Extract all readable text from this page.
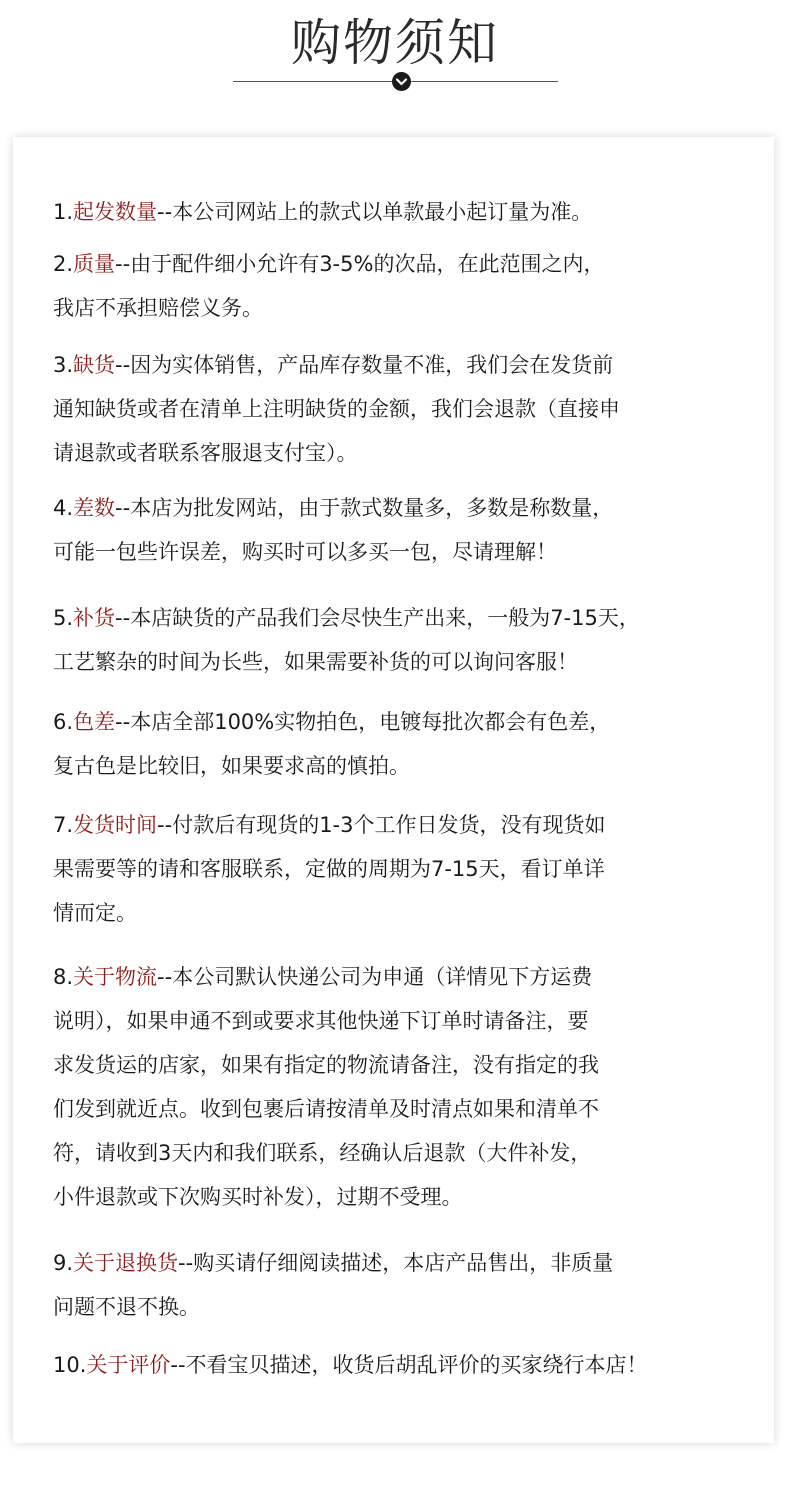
购物须知
1.起发数量--本公司网站上的款式以单款最小起订量为准。
2.质量--由于配件细小允许有3-5%的次品，在此范围之内，
我店不承担赔偿义务。
3.缺货--因为实体销售，产品库存数量不准，我们会在发货前
通知缺货或者在清单上注明缺货的金额，我们会退款（直接申
请退款或者联系客服退支付宝）。
4.差数--本店为批发网站，由于款式数量多，多数是称数量，
可能一包些许误差，购买时可以多买一包，尽请理解！
5.补货--本店缺货的产品我们会尽快生产出来，一般为7-15天，
工艺繁杂的时间为长些，如果需要补货的可以询问客服！
6.色差--本店全部100%实物拍色，电镀每批次都会有色差，
复古色是比较旧，如果要求高的慎拍。
7.发货时间--付款后有现货的1-3个工作日发货，没有现货如
果需要等的请和客服联系，定做的周期为7-15天，看订单详
情而定。
8.关于物流--本公司默认快递公司为申通（详情见下方运费
说明），如果申通不到或要求其他快递下订单时请备注，要
求发货运的店家，如果有指定的物流请备注，没有指定的我
们发到就近点。收到包裹后请按清单及时清点如果和清单不
符，请收到3天内和我们联系，经确认后退款（大件补发，
小件退款或下次购买时补发），过期不受理。
9.关于退换货--购买请仔细阅读描述，本店产品售出，非质量
问题不退不换。
10.关于评价--不看宝贝描述，收货后胡乱评价的买家绕行本店！
